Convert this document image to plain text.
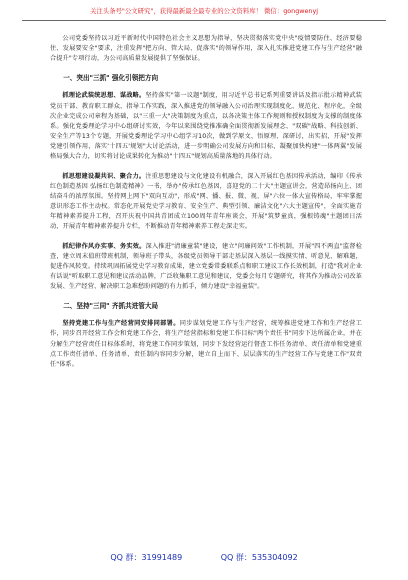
关注头条号"公文研究"，获得最新最全最专业的公文资料库！ 微信：gongwenyj

公司党委坚持以习近平新时代中国特色社会主义思想为指导，坚决贯彻落实党中央"疫情要防住、经济要稳住、发展要安全"要求，注重发挥"把方向、管大局、促落实"的领导作用，深入扎实推进党建工作与生产经营"融合提升"专项行动，为公司高质量发展提供了坚强保证。

一、突出"三抓" 强化引领把方向

抓理论武装统思想、谋战略。坚持落实"第一议题"制度，用习近平总书记系列重要讲话及指示批示精神武装党员干部、教育职工群众、指导工作实践，深入推进党的领导融入公司治理实现制度化、规范化、程序化，全级次企业完成公司章程为基础，以"三重一大"决策制度为重点，以各决策主体工作规则和授权制度为支撑的制度体系。强化党委理论学习中心组研讨实效，今年以来围绕党推准确全面贯彻新发展理念、"双碳"战略、科技创新、安全生产等13个专题，开展党委理论学习中心组学习10次，做到学原文、悟原理、深研讨，出实招，开展"发挥党建引领作用，落实'十四五'规划"大讨论活动，进一步明确公司发展方向和目标，凝聚加快构建"一体两翼"发展格局强大合力，切实将讨论成果转化为推动"十四五"规划高质量落地的具体行动。

抓思想建设凝共识、聚合力。注重思想建设与文化建设有机融合，深入开展红色基因传承活动，编印《传承红色制造基因 弘扬红色制造精神》一书，举办"传承红色基因，喜迎党的二十大"主题宣讲会，营造昂扬向上、团结奋斗的浓厚氛围。坚持网上网下"双向互动"，形成"网、播、报、微、视、屏"六位一体大宣传格局，牢牢掌握意识形态工作主动权。常态化开展党史学习教育、安全生产、典型引领、廉洁文化"六大主题宣传"，全面实施青年精神素养提升工程，召开庆祝中国共青团成立100周年青年座谈会，开展"筑梦童真，强根铸魂"主题团日活动，开展青年精神素养提升专栏，不断推动青年精神素养工程走深走实。

抓纪律作风办实事、务实效。深入推进"清廉童装"建设，建立"问廉问效"工作机制，开展"四不两直"监督检查，建立周末值班带班机制，领导班子带头，各级党员领导干部走基层深入基层一线摸实情、听意见、解难题，促进作风转变。持续巩固拓展党史学习教育成果，建立党委常委联系点和职工建议工作长效机制，打造"我对企业有话说"听取职工意见和建议活动品牌，广泛收集职工意见和建议，党委会每月专题研究，将其作为推动公司改革发展、生产经营、解决职工急难愁盼问题的有力抓手，倾力建设"幸福童装"。

二、坚持"三同" 齐抓共进管大局

坚持党建工作与生产经营同安排同部署。同步谋划党建工作与生产经营，统筹推进党建工作和生产经营工作，同步召开经营工作会和党建工作会，将生产经营指标和党建工作目标"两个责任书"同步下达所属企业，并在分解生产经营责任目标体系时，将党建工作同步策划，同步下发经营运行督查工作任务清单、责任清单和党建重点工作责任清单、任务清单，责任制内容同步分解，建立自上而下、层层落实的生产经营工作与党建工作"双责任"体系。

QQ 群：31991489	QQ 群：535304092
